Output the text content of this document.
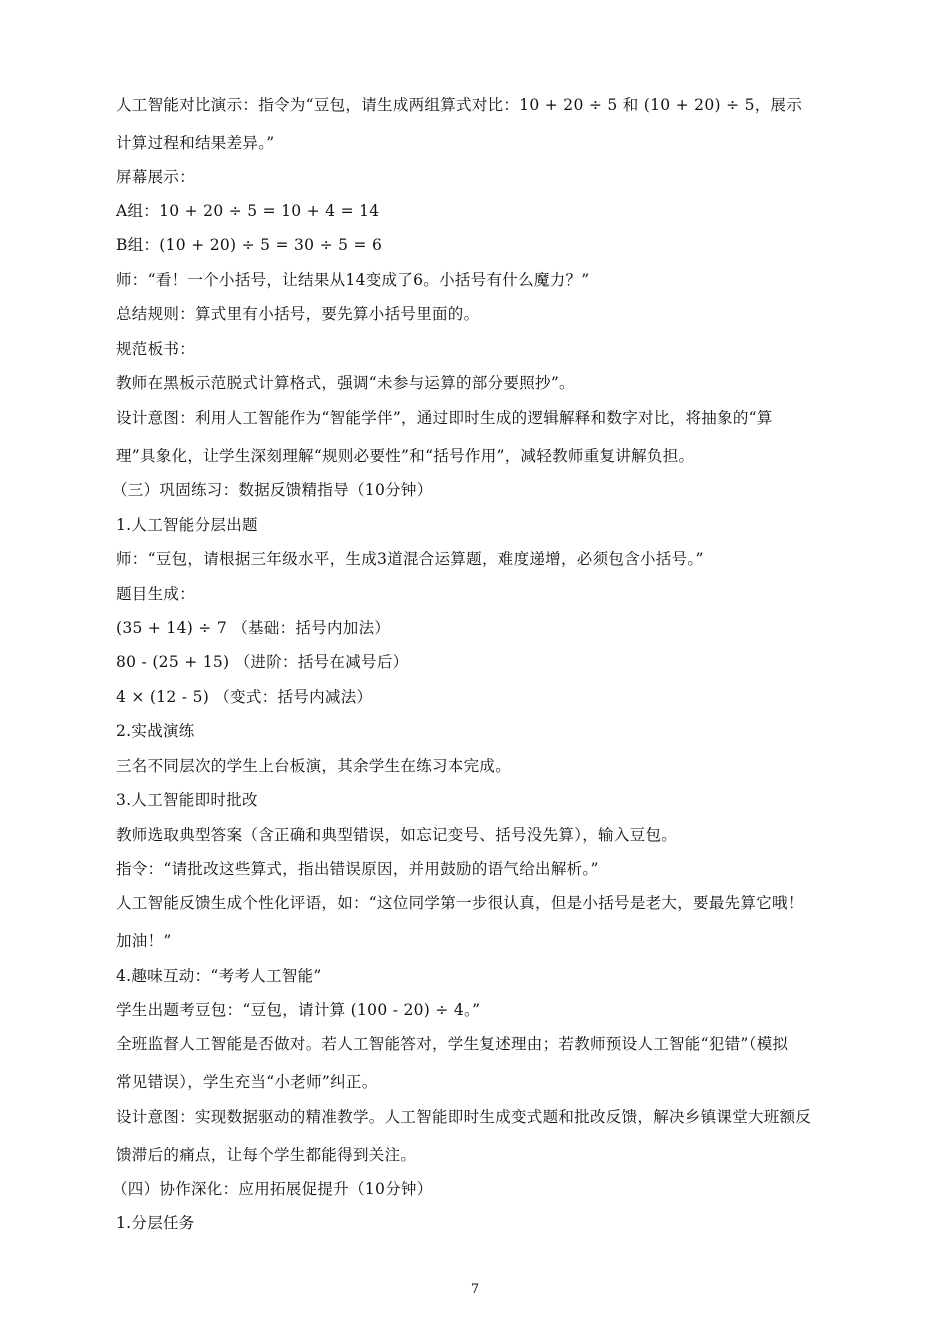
人工智能对比演示：指令为“豆包，请生成两组算式对比：10 + 20 ÷ 5 和 (10 + 20) ÷ 5，展示
计算过程和结果差异。”
屏幕展示：
A组：10 + 20 ÷ 5 = 10 + 4 = 14
B组：(10 + 20) ÷ 5 = 30 ÷ 5 = 6
师：“看！一个小括号，让结果从14变成了6。小括号有什么魔力？”
总结规则：算式里有小括号，要先算小括号里面的。
规范板书：
教师在黑板示范脱式计算格式，强调“未参与运算的部分要照抄”。
设计意图：利用人工智能作为“智能学伴”，通过即时生成的逻辑解释和数字对比，将抽象的“算
理”具象化，让学生深刻理解“规则必要性”和“括号作用”，减轻教师重复讲解负担。
（三）巩固练习：数据反馈精指导（10分钟）
1.人工智能分层出题
师：“豆包，请根据三年级水平，生成3道混合运算题，难度递增，必须包含小括号。”
题目生成：
(35 + 14) ÷ 7 （基础：括号内加法）
80 - (25 + 15) （进阶：括号在减号后）
4 × (12 - 5) （变式：括号内减法）
2.实战演练
三名不同层次的学生上台板演，其余学生在练习本完成。
3.人工智能即时批改
教师选取典型答案（含正确和典型错误，如忘记变号、括号没先算），输入豆包。
指令：“请批改这些算式，指出错误原因，并用鼓励的语气给出解析。”
人工智能反馈生成个性化评语，如：“这位同学第一步很认真，但是小括号是老大，要最先算它哦！
加油！”
4.趣味互动：“考考人工智能”
学生出题考豆包：“豆包，请计算 (100 - 20) ÷ 4。”
全班监督人工智能是否做对。若人工智能答对，学生复述理由；若教师预设人工智能“犯错”（模拟
常见错误），学生充当“小老师”纠正。
设计意图：实现数据驱动的精准教学。人工智能即时生成变式题和批改反馈，解决乡镇课堂大班额反
馈滞后的痛点，让每个学生都能得到关注。
（四）协作深化：应用拓展促提升（10分钟）
1.分层任务
7
